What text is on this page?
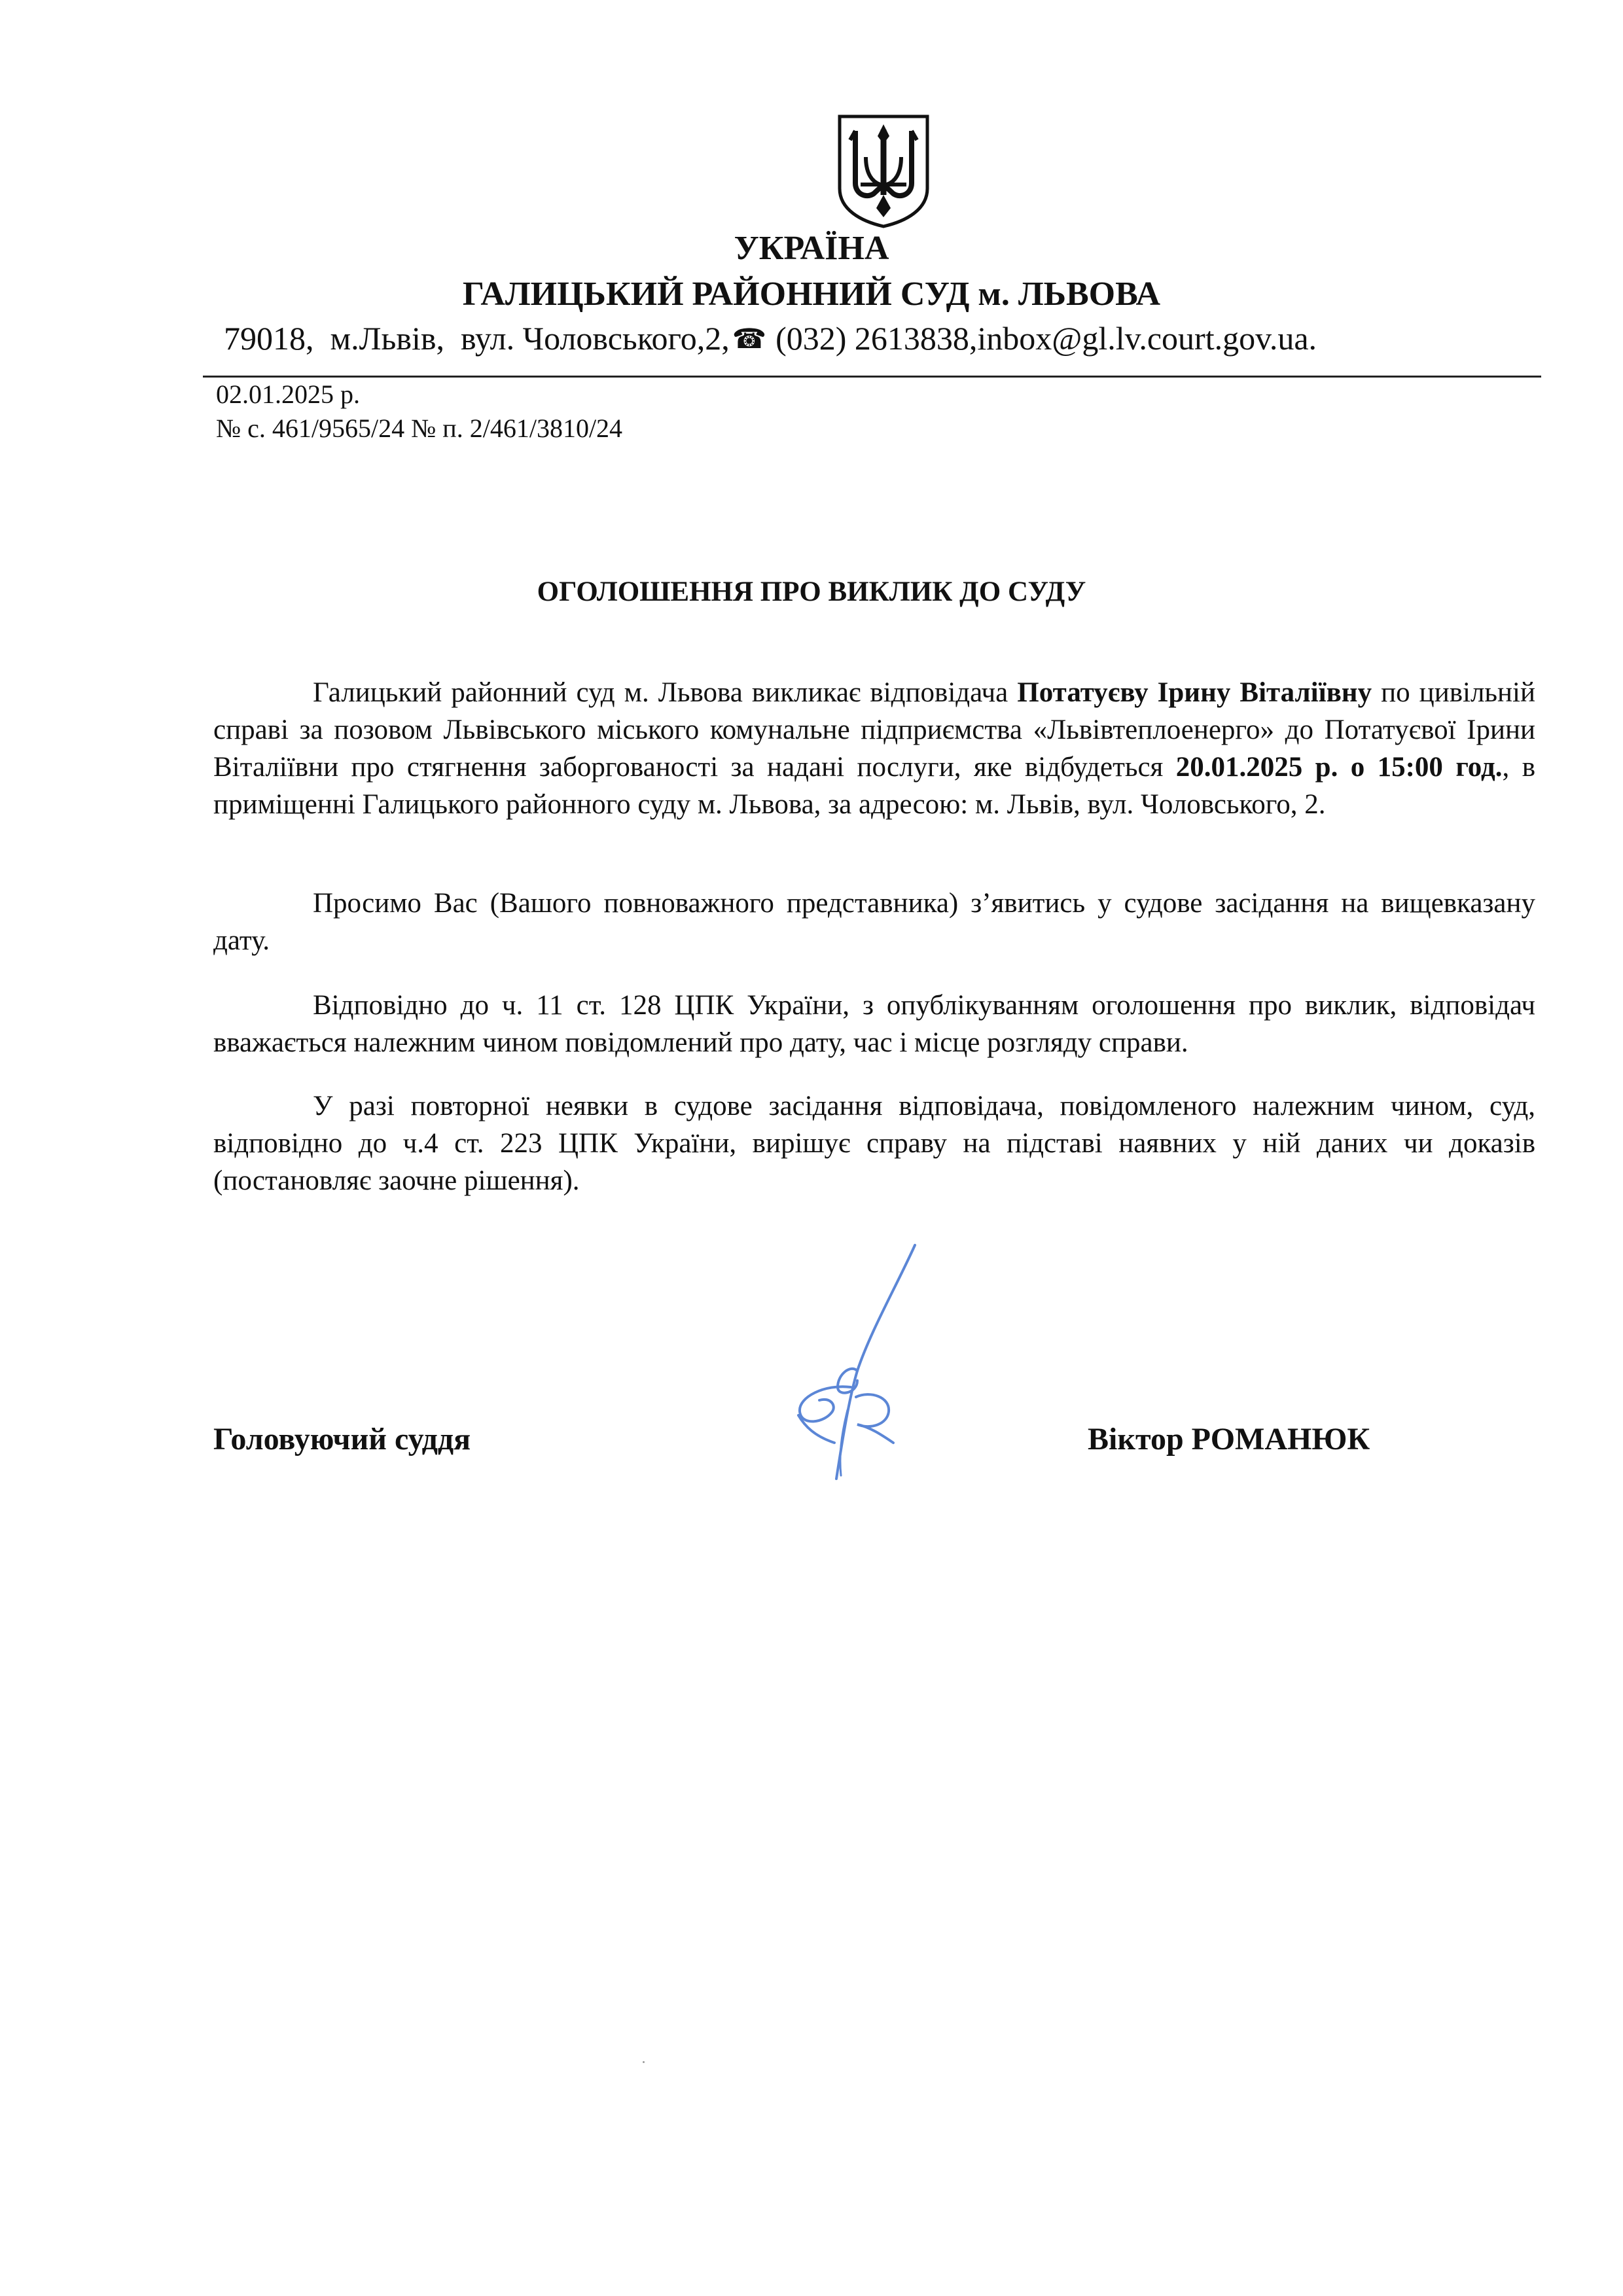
УКРАЇНА
ГАЛИЦЬКИЙ РАЙОННИЙ СУД м. ЛЬВОВА
79018,
м.Львів,
вул. Чоловського,2, ☎ (032) 2613838 ,inbox@gl.lv.court.gov.ua.
02.01.2025 р.
№ с. 461/9565/24 № п. 2/461/3810/24
ОГОЛОШЕННЯ ПРО ВИКЛИК ДО СУДУ

Галицький районний суд м. Львова викликає відповідача Потатуєву Ірину Віталіївну по цивільній справі за позовом Львівського міського комунальне підприємства «Львівтеплоенерго» до Потатуєвої Ірини Віталіївни про стягнення заборгованості за надані послуги, яке відбудеться 20.01.2025 р. о 15:00 год., в приміщенні Галицького районного суду м. Львова, за адресою: м. Львів, вул. Чоловського, 2.

Просимо Вас (Вашого повноважного представника) з’явитись у судове засідання на вищевказану дату.

Відповідно до ч. 11 ст. 128 ЦПК України, з опублікуванням оголошення про виклик, відповідач вважається належним чином повідомлений про дату, час і місце розгляду справи.

У разі повторної неявки в судове засідання відповідача, повідомленого належним чином, суд, відповідно до ч.4 ст. 223 ЦПК України, вирішує справу на підставі наявних у ній даних чи доказів (постановляє заочне рішення).

Головуючий суддя	Віктор РОМАНЮК
